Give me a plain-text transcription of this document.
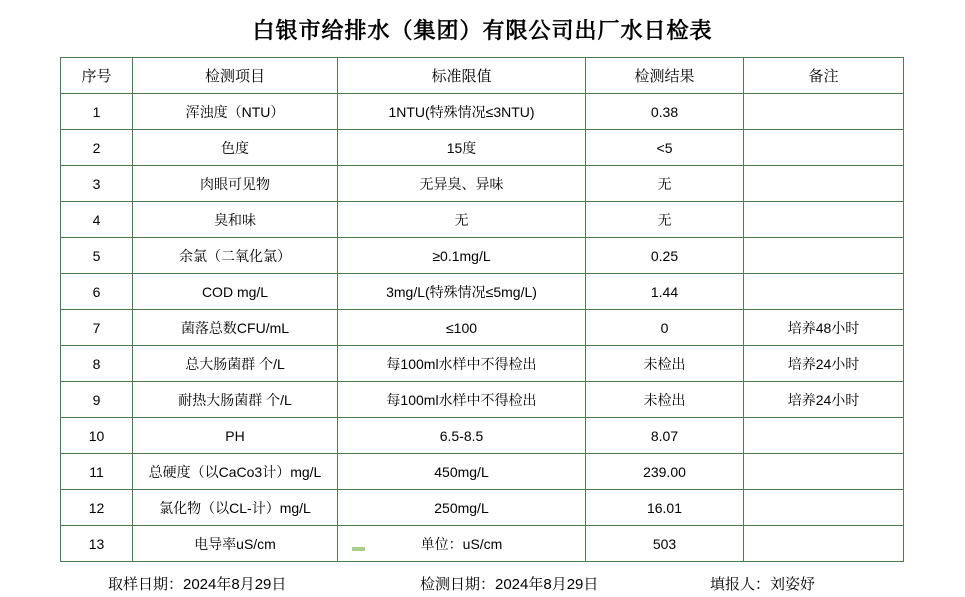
白银市给排水（集团）有限公司出厂水日检表
序号	检测项目	标准限值	检测结果	备注
1	浑浊度（NTU）	1NTU(特殊情况≤3NTU)	0.38	
2	色度	15度	<5	
3	肉眼可见物	无异臭、异味	无	
4	臭和味	无	无	
5	余氯（二氧化氯）	≥0.1mg/L	0.25	
6	COD mg/L	3mg/L(特殊情况≤5mg/L)	1.44	
7	菌落总数CFU/mL	≤100	0	培养48小时
8	总大肠菌群 个/L	每100ml水样中不得检出	未检出	培养24小时
9	耐热大肠菌群 个/L	每100ml水样中不得检出	未检出	培养24小时
10	PH	6.5-8.5	8.07	
11	总硬度（以CaCo3计）mg/L	450mg/L	239.00	
12	氯化物（以CL-计）mg/L	250mg/L	16.01	
13	电导率uS/cm	单位：uS/cm	503	
取样日期：2024年8月29日	检测日期：2024年8月29日	填报人：刘姿妤
